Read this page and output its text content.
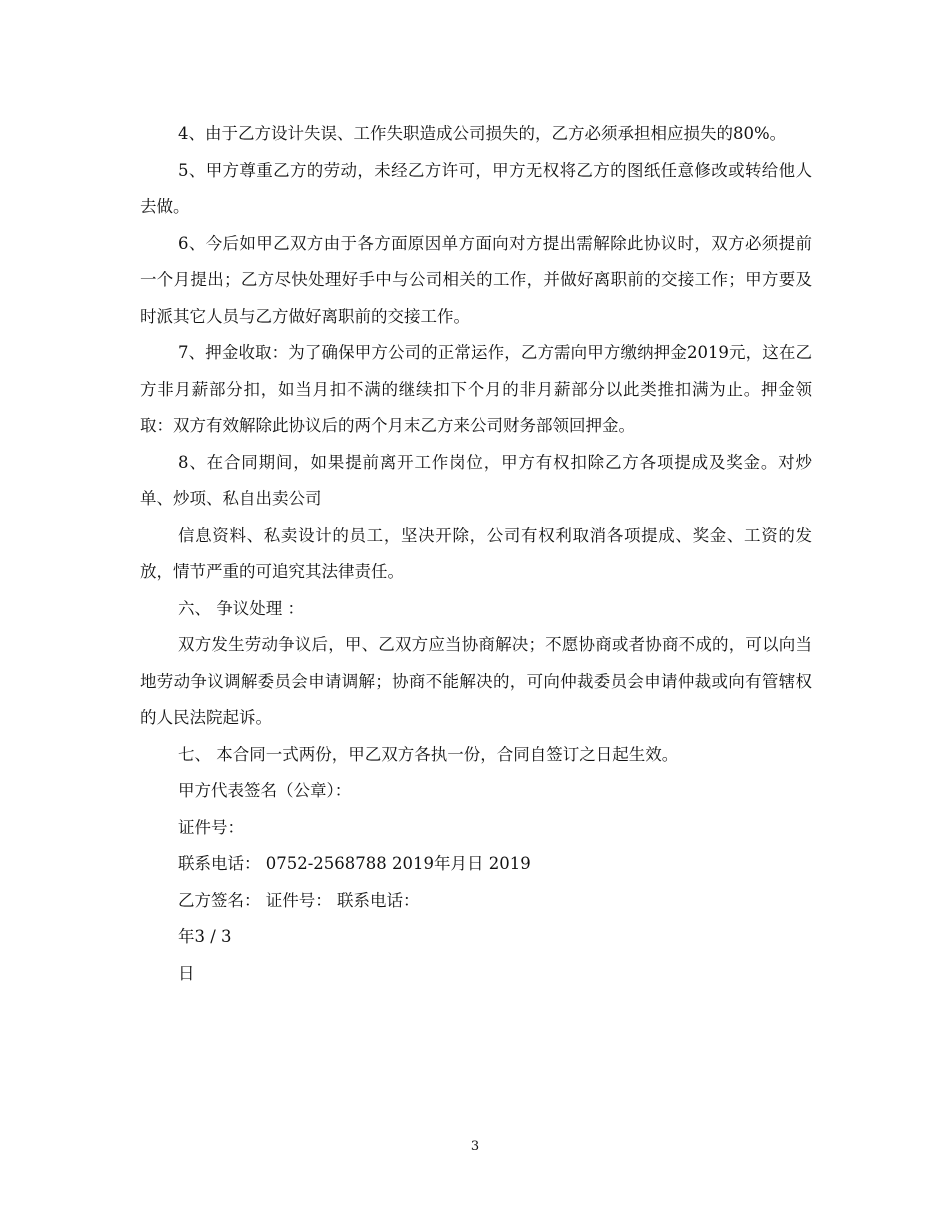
4、由于乙方设计失误、工作失职造成公司损失的，乙方必须承担相应损失的80%。

5、甲方尊重乙方的劳动，未经乙方许可，甲方无权将乙方的图纸任意修改或转给他人去做。

6、今后如甲乙双方由于各方面原因单方面向对方提出需解除此协议时，双方必须提前一个月提出；乙方尽快处理好手中与公司相关的工作，并做好离职前的交接工作；甲方要及时派其它人员与乙方做好离职前的交接工作。

7、押金收取：为了确保甲方公司的正常运作，乙方需向甲方缴纳押金2019元，这在乙方非月薪部分扣，如当月扣不满的继续扣下个月的非月薪部分以此类推扣满为止。押金领取：双方有效解除此协议后的两个月末乙方来公司财务部领回押金。

8、在合同期间，如果提前离开工作岗位，甲方有权扣除乙方各项提成及奖金。对炒单、炒项、私自出卖公司

信息资料、私卖设计的员工，坚决开除，公司有权利取消各项提成、奖金、工资的发放，情节严重的可追究其法律责任。

六、 争议处理 ：

双方发生劳动争议后，甲、乙双方应当协商解决；不愿协商或者协商不成的，可以向当地劳动争议调解委员会申请调解；协商不能解决的，可向仲裁委员会申请仲裁或向有管辖权的人民法院起诉。

七、 本合同一式两份，甲乙双方各执一份，合同自签订之日起生效。
甲方代表签名（公章）：
证件号：
联系电话： 0752-2568788 2019年月日 2019
乙方签名： 证件号： 联系电话：
年3 / 3
日
3
